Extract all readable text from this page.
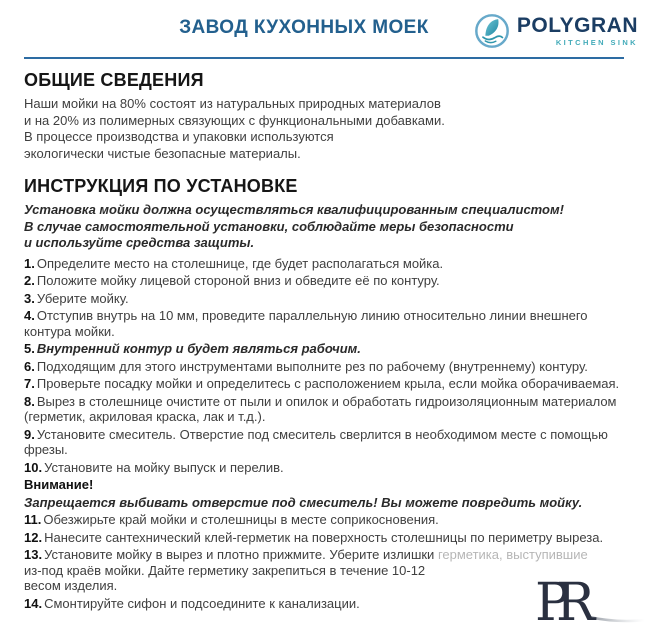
ЗАВОД КУХОННЫХ МОЕК	POLYGRAN
KITCHEN SINK
ОБЩИЕ СВЕДЕНИЯ
Наши мойки на 80% состоят из натуральных природных материалов
и на 20% из полимерных связующих с функциональными добавками.
В процессе производства и упаковки используются
экологически чистые безопасные материалы.
ИНСТРУКЦИЯ ПО УСТАНОВКЕ
Установка мойки должна осуществляться квалифицированным специалистом!
В случае самостоятельной установки, соблюдайте меры безопасности
и используйте средства защиты.
1. Определите место на столешнице, где будет располагаться мойка.
2. Положите мойку лицевой стороной вниз и обведите её по контуру.
3. Уберите мойку.
4. Отступив внутрь на 10 мм, проведите параллельную линию относительно линии внешнего контура мойки.
5. Внутренний контур и будет являться рабочим.
6. Подходящим для этого инструментами выполните рез по рабочему (внутреннему) контуру.
7. Проверьте посадку мойки и определитесь с расположением крыла, если мойка оборачиваемая.
8. Вырез в столешнице очистите от пыли и опилок и обработать гидроизоляционным материалом (герметик, акриловая краска, лак и т.д.).
9. Установите смеситель. Отверстие под смеситель сверлится в необходимом месте с помощью фрезы.
10. Установите на мойку выпуск и перелив.
Внимание!
Запрещается выбивать отверстие под смеситель! Вы можете повредить мойку.
11. Обезжирьте край мойки и столешницы в месте соприкосновения.
12. Нанесите сантехнический клей-герметик на поверхность столешницы по периметру выреза.
13. Установите мойку в вырез и плотно прижмите. Уберите излишки герметика, выступившие
из-под краёв мойки. Дайте герметику закрепиться в течение 10-12
весом изделия.
14. Смонтируйте сифон и подсоедините к канализации.	PR
